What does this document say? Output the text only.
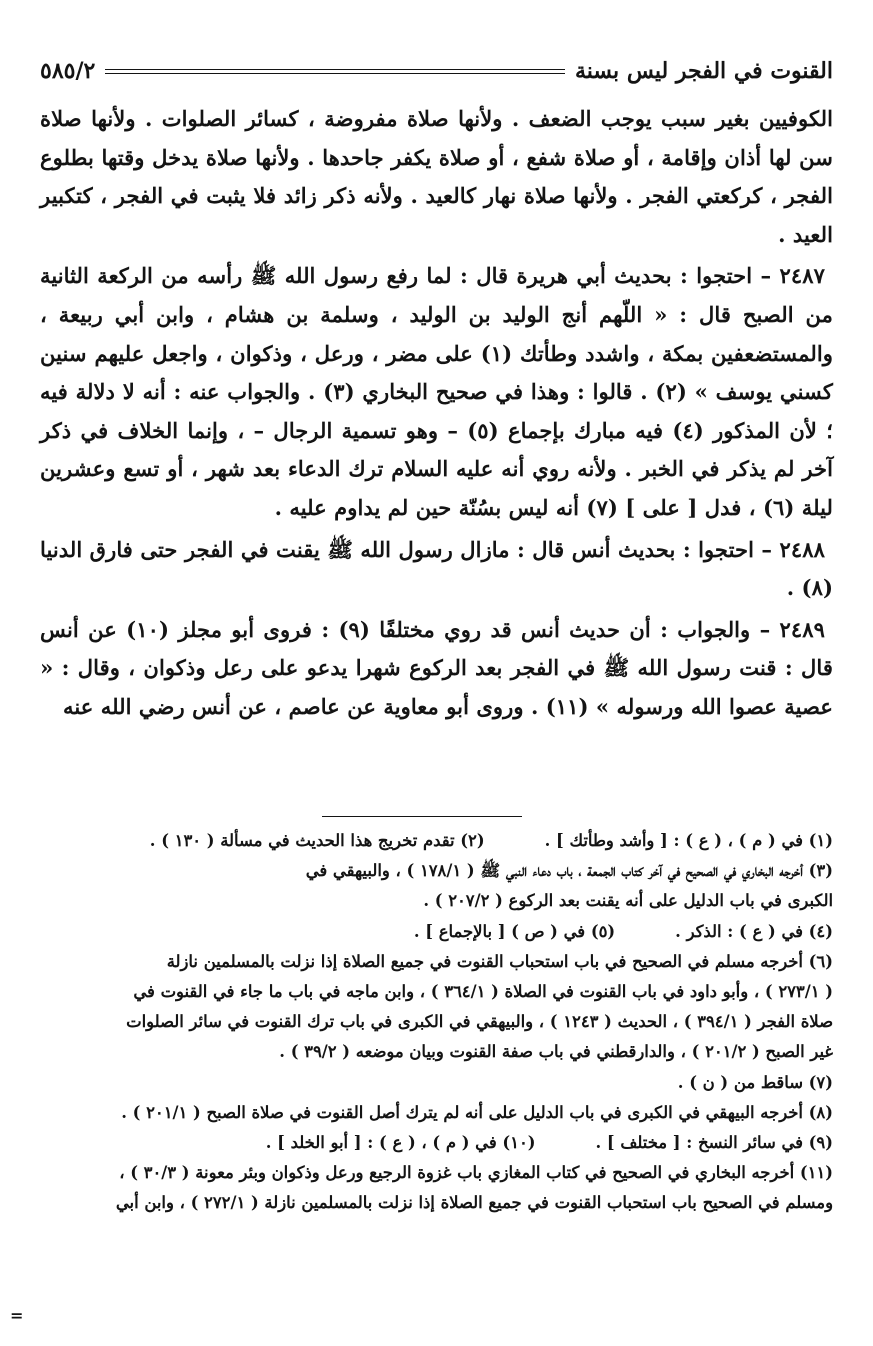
القنوت في الفجر ليس بسنة
٥٨٥/٢

الكوفيين بغير سبب يوجب الضعف . ولأنها صلاة مفروضة ، كسائر الصلوات . ولأنها صلاة سن لها أذان وإقامة ، أو صلاة شفع ، أو صلاة يكفر جاحدها . ولأنها صلاة يدخل وقتها بطلوع الفجر ، كركعتي الفجر . ولأنها صلاة نهار كالعيد . ولأنه ذكر زائد فلا يثبت في الفجر ، كتكبير العيد .

٢٤٨٧ – احتجوا : بحديث أبي هريرة قال : لما رفع رسول الله ﷺ رأسه من الركعة الثانية من الصبح قال : « اللّهم أنج الوليد بن الوليد ، وسلمة بن هشام ، وابن أبي ربيعة ، والمستضعفين بمكة ، واشدد وطأتك (١) على مضر ، ورعل ، وذكوان ، واجعل عليهم سنين كسني يوسف » (٢) . قالوا : وهذا في صحيح البخاري (٣) . والجواب عنه : أنه لا دلالة فيه ؛ لأن المذكور (٤) فيه مبارك بإجماع (٥) – وهو تسمية الرجال – ، وإنما الخلاف في ذكر آخر لم يذكر في الخبر . ولأنه روي أنه عليه السلام ترك الدعاء بعد شهر ، أو تسع وعشرين ليلة (٦) ، فدل [ على ] (٧) أنه ليس بسُنّة حين لم يداوم عليه .

٢٤٨٨ – احتجوا : بحديث أنس قال : مازال رسول الله ﷺ يقنت في الفجر حتى فارق الدنيا (٨) .

٢٤٨٩ – والجواب : أن حديث أنس قد روي مختلفًا (٩) : فروى أبو مجلز (١٠) عن أنس قال : قنت رسول الله ﷺ في الفجر بعد الركوع شهرا يدعو على رعل وذكوان ، وقال : « عصية عصوا الله ورسوله » (١١) . وروى أبو معاوية عن عاصم ، عن أنس رضي الله عنه

(١) في ( م ) ، ( ع ) : [ وأشد وطأتك ] .
(٢) تقدم تخريج هذا الحديث في مسألة ( ١٣٠ ) .
(٣) أخرجه البخاري في الصحيح في آخر كتاب الجمعة ، باب دعاء النبي ﷺ ( ١٧٨/١ ) ، والبيهقي في
الكبرى في باب الدليل على أنه يقنت بعد الركوع ( ٢٠٧/٢ ) .
(٤) في ( ع ) : الذكر .
(٥) في ( ص ) [ بالإجماع ] .
(٦) أخرجه مسلم في الصحيح في باب استحباب القنوت في جميع الصلاة إذا نزلت بالمسلمين نازلة
( ٢٧٣/١ ) ، وأبو داود في باب القنوت في الصلاة ( ٣٦٤/١ ) ، وابن ماجه في باب ما جاء في القنوت في
صلاة الفجر ( ٣٩٤/١ ) ، الحديث ( ١٢٤٣ ) ، والبيهقي في الكبرى في باب ترك القنوت في سائر الصلوات
غير الصبح ( ٢٠١/٢ ) ، والدارقطني في باب صفة القنوت وبيان موضعه ( ٣٩/٢ ) .
(٧) ساقط من ( ن ) .
(٨) أخرجه البيهقي في الكبرى في باب الدليل على أنه لم يترك أصل القنوت في صلاة الصبح ( ٢٠١/١ ) .
(٩) في سائر النسخ : [ مختلف ] .
(١٠) في ( م ) ، ( ع ) : [ أبو الخلد ] .
(١١) أخرجه البخاري في الصحيح في كتاب المغازي باب غزوة الرجيع ورعل وذكوان وبئر معونة ( ٣٠/٣ ) ،
ومسلم في الصحيح باب استحباب القنوت في جميع الصلاة إذا نزلت بالمسلمين نازلة ( ٢٧٢/١ ) ، وابن أبي
=
